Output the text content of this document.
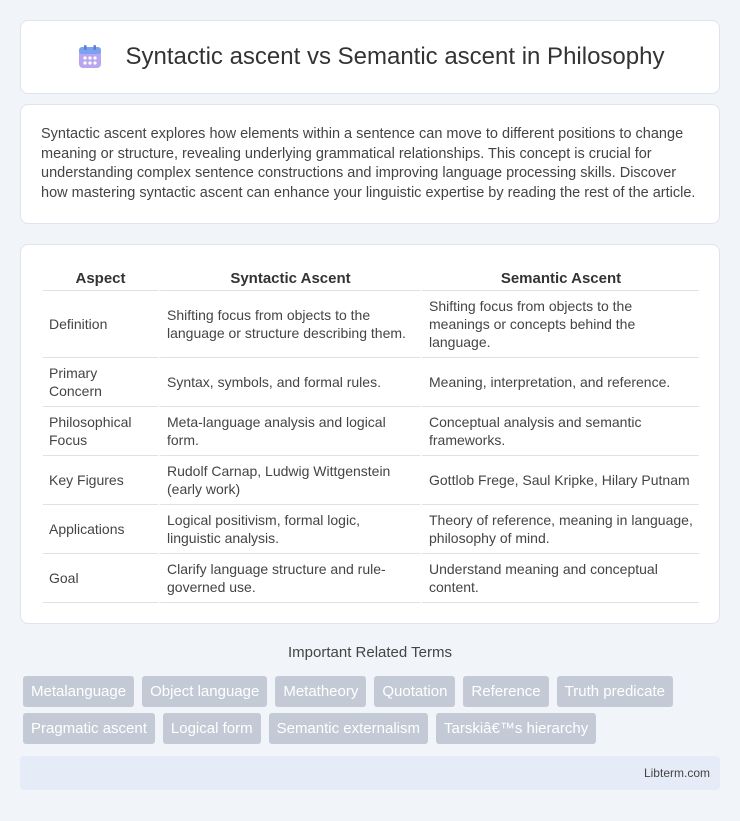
Syntactic ascent vs Semantic ascent in Philosophy

Syntactic ascent explores how elements within a sentence can move to different positions to change meaning or structure, revealing underlying grammatical relationships. This concept is crucial for understanding complex sentence constructions and improving language processing skills. Discover how mastering syntactic ascent can enhance your linguistic expertise by reading the rest of the article.

Aspect	Syntactic Ascent	Semantic Ascent
Definition	Shifting focus from objects to the language or structure describing them.	Shifting focus from objects to the meanings or concepts behind the language.
Primary Concern	Syntax, symbols, and formal rules.	Meaning, interpretation, and reference.
Philosophical Focus	Meta-language analysis and logical form.	Conceptual analysis and semantic frameworks.
Key Figures	Rudolf Carnap, Ludwig Wittgenstein (early work)	Gottlob Frege, Saul Kripke, Hilary Putnam
Applications	Logical positivism, formal logic, linguistic analysis.	Theory of reference, meaning in language, philosophy of mind.
Goal	Clarify language structure and rule-governed use.	Understand meaning and conceptual content.
Important Related Terms
Metalanguage	Object language	Metatheory	Quotation	Reference	Truth predicate
Pragmatic ascent	Logical form	Semantic externalism	Tarskiâ€™s hierarchy
Libterm.com
